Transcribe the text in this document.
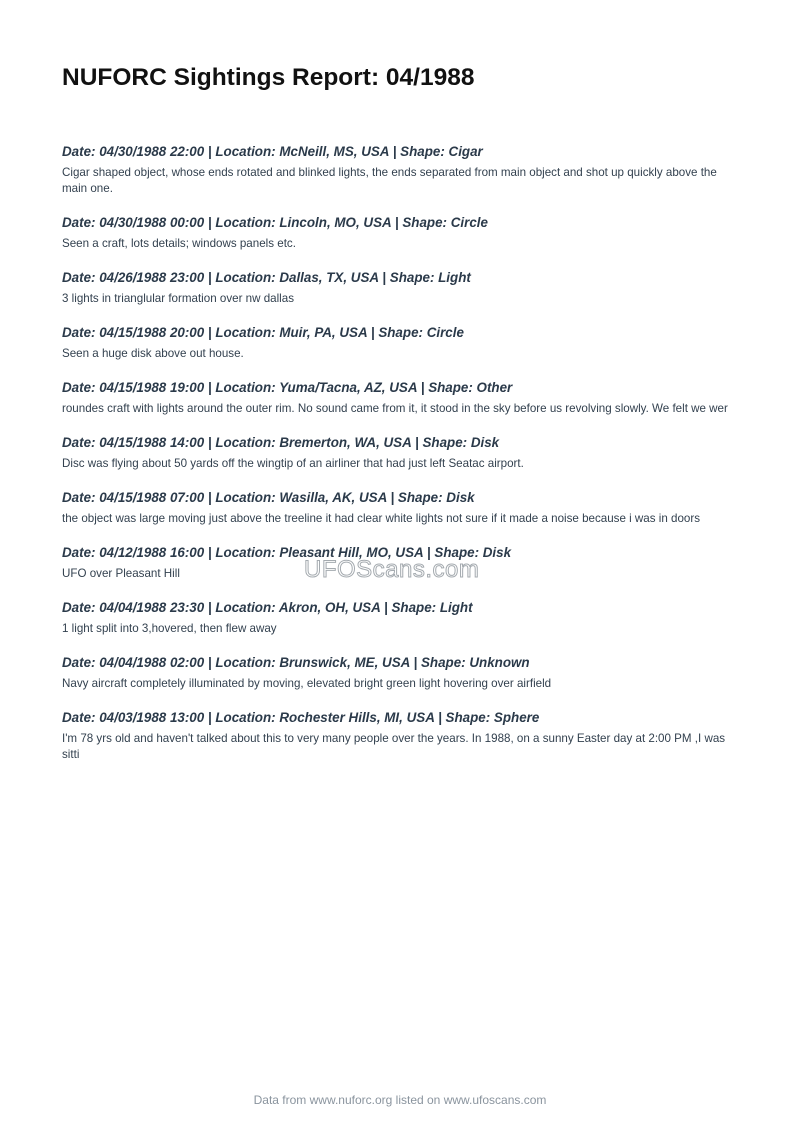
NUFORC Sightings Report: 04/1988
Date: 04/30/1988 22:00 | Location: McNeill, MS, USA | Shape: Cigar
Cigar shaped object, whose ends rotated and blinked lights, the ends separated from main object and shot up quickly above the main one.
Date: 04/30/1988 00:00 | Location: Lincoln, MO, USA | Shape: Circle
Seen a craft, lots details; windows panels etc.
Date: 04/26/1988 23:00 | Location: Dallas, TX, USA | Shape: Light
3 lights in trianglular formation over nw dallas
Date: 04/15/1988 20:00 | Location: Muir, PA, USA | Shape: Circle
Seen a huge disk above out house.
Date: 04/15/1988 19:00 | Location: Yuma/Tacna, AZ, USA | Shape: Other
roundes craft with lights around the outer rim. No sound came from it, it stood in the sky before us revolving slowly. We felt we wer
Date: 04/15/1988 14:00 | Location: Bremerton, WA, USA | Shape: Disk
Disc was flying about 50 yards off the wingtip of an airliner that had just left Seatac airport.
Date: 04/15/1988 07:00 | Location: Wasilla, AK, USA | Shape: Disk
the object was large moving just above the treeline it had clear white lights not sure if it made a noise because i was in doors
Date: 04/12/1988 16:00 | Location: Pleasant Hill, MO, USA | Shape: Disk
UFO over Pleasant Hill
Date: 04/04/1988 23:30 | Location: Akron, OH, USA | Shape: Light
1 light split into 3,hovered, then flew away
Date: 04/04/1988 02:00 | Location: Brunswick, ME, USA | Shape: Unknown
Navy aircraft completely illuminated by moving, elevated bright green light hovering over airfield
Date: 04/03/1988 13:00 | Location: Rochester Hills, MI, USA | Shape: Sphere
I'm 78 yrs old and haven't talked about this to very many people over the years. In 1988, on a sunny Easter day at 2:00 PM ,I was sitti
UFOScans.com
Data from www.nuforc.org listed on www.ufoscans.com
